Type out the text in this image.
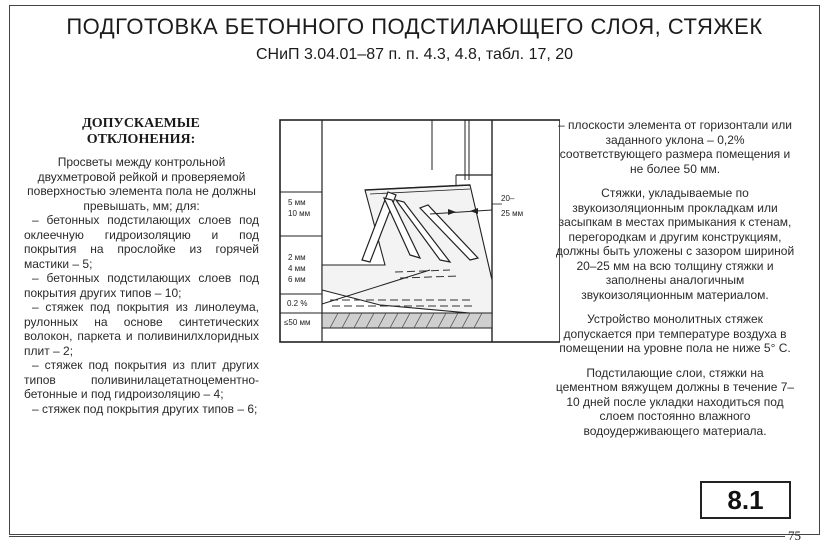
ПОДГОТОВКА БЕТОННОГО ПОДСТИЛАЮЩЕГО СЛОЯ, СТЯЖЕК
СНиП 3.04.01–87 п. п. 4.3, 4.8, табл. 17, 20
ДОПУСКАЕМЫЕ ОТКЛОНЕНИЯ:

Просветы между контрольной двухметровой рейкой и проверяемой поверхностью элемента пола не должны превышать, мм; для:

– бетонных подстилающих слоев под оклеечную гидроизоляцию и под покрытия на прослойке из горячей мастики – 5;

– бетонных подстилающих слоев под покрытия других типов – 10;

– стяжек под покрытия из линолеума, рулонных на основе синтетических волокон, паркета и поливинилхлоридных плит – 2;

– стяжек под покрытия из плит других типов поливинилацетатноцементно-бетонные и под гидроизоляцию – 4;

– стяжек под покрытия других типов – 6;

5 мм
10 мм
2 мм
4 мм
6 мм
0.2 %
≤50 мм
20–
25 мм

– плоскости элемента от горизонтали или заданного уклона – 0,2% соответствующего размера помещения и не более 50 мм.

Стяжки, укладываемые по звукоизоляционным прокладкам или засыпкам в местах примыкания к стенам, перегородкам и другим конструкциям, должны быть уложены с зазором шириной 20–25 мм на всю толщину стяжки и заполнены аналогичным звукоизоляционным материалом.

Устройство монолитных стяжек допускается при температуре воздуха в помещении на уровне пола не ниже 5° С.

Подстилающие слои, стяжки на цементном вяжущем должны в течение 7–10 дней после укладки находиться под слоем постоянно влажного водоудерживающего материала.

8.1
75
